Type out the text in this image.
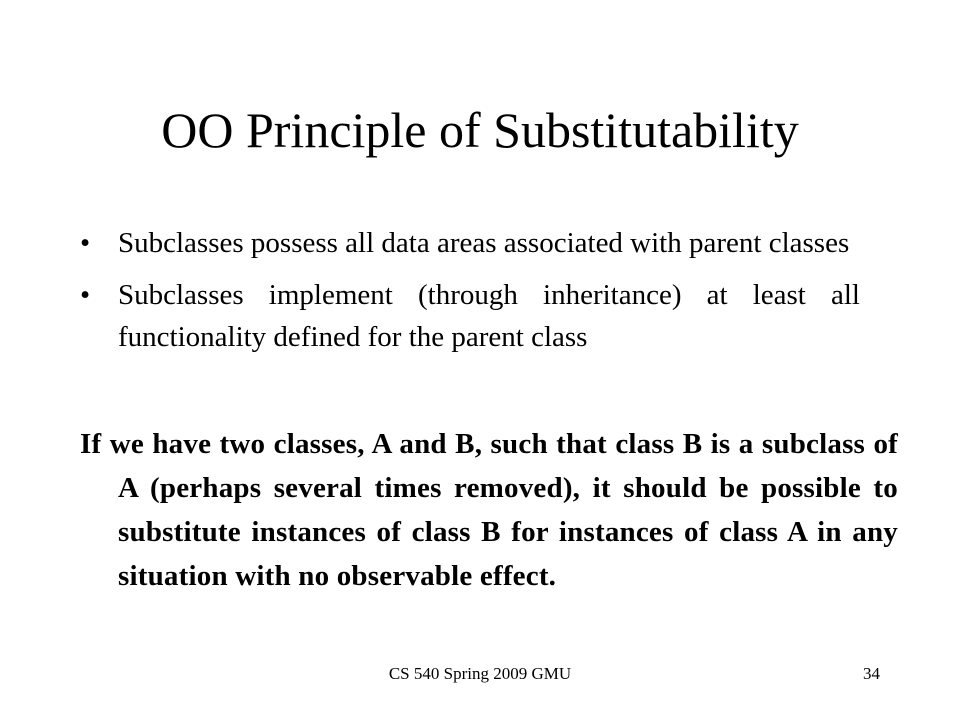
OO Principle of Substitutability
• Subclasses possess all data areas associated with parent classes
• Subclasses implement (through inheritance) at least all functionality defined for the parent class

If we have two classes, A and B, such that class B is a subclass of A (perhaps several times removed), it should be possible to substitute instances of class B for instances of class A in any situation with no observable effect.

CS 540 Spring 2009 GMU	34
